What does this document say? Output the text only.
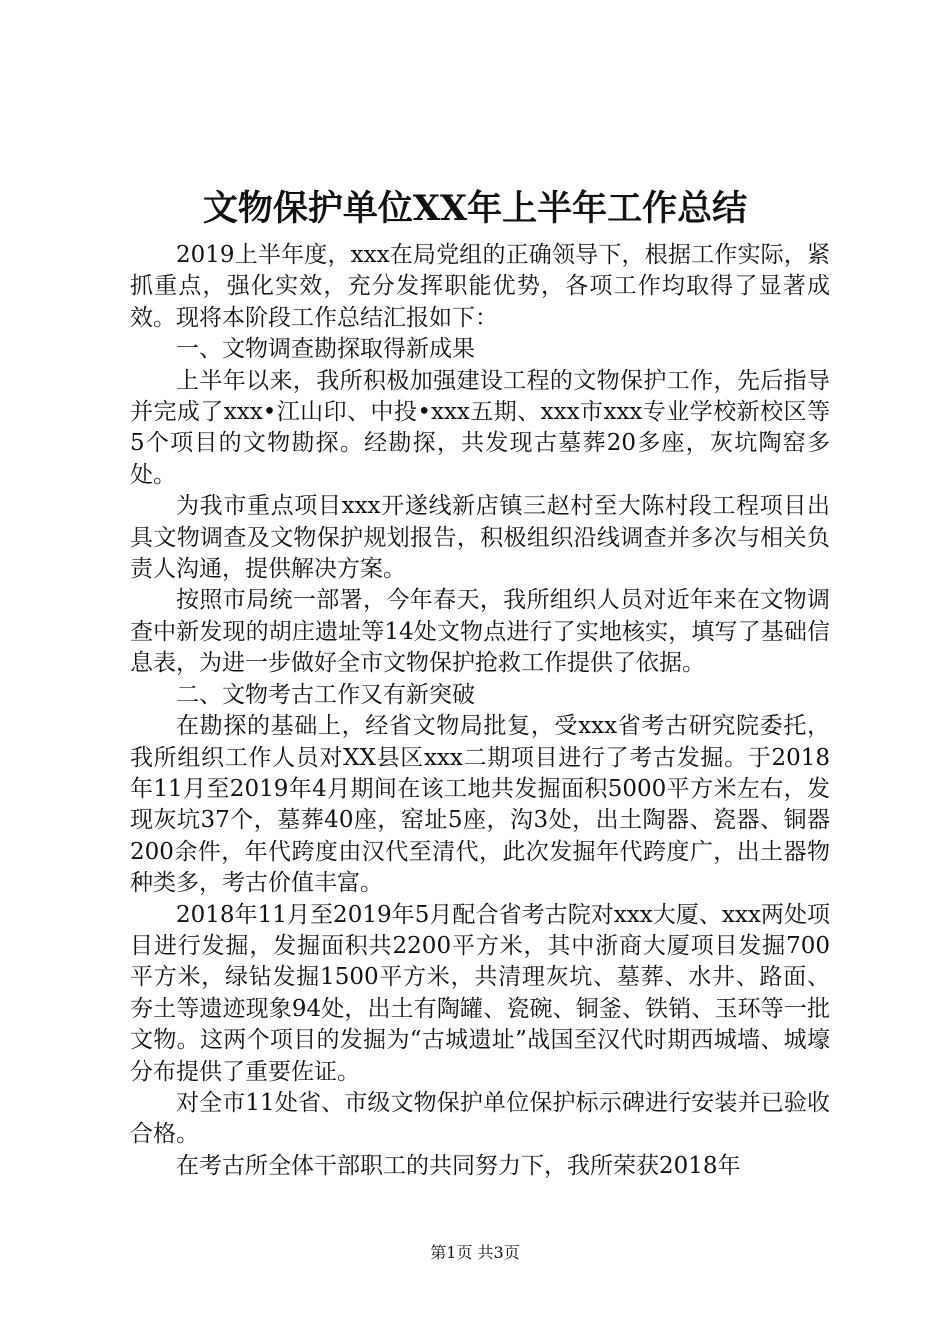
文物保护单位XX年上半年工作总结

2019上半年度，xxx在局党组的正确领导下，根据工作实际，紧抓重点，强化实效，充分发挥职能优势，各项工作均取得了显著成效。现将本阶段工作总结汇报如下：

一、文物调查勘探取得新成果

上半年以来，我所积极加强建设工程的文物保护工作，先后指导并完成了xxx•江山印、中投•xxx五期、xxx市xxx专业学校新校区等5个项目的文物勘探。经勘探，共发现古墓葬20多座，灰坑陶窑多处。

为我市重点项目xxx开遂线新店镇三赵村至大陈村段工程项目出具文物调查及文物保护规划报告，积极组织沿线调查并多次与相关负责人沟通，提供解决方案。

按照市局统一部署，今年春天，我所组织人员对近年来在文物调查中新发现的胡庄遗址等14处文物点进行了实地核实，填写了基础信息表，为进一步做好全市文物保护抢救工作提供了依据。

二、文物考古工作又有新突破

在勘探的基础上，经省文物局批复，受xxx省考古研究院委托，我所组织工作人员对XX县区xxx二期项目进行了考古发掘。于2018年11月至2019年4月期间在该工地共发掘面积5000平方米左右，发现灰坑37个，墓葬40座，窑址5座，沟3处，出土陶器、瓷器、铜器200余件，年代跨度由汉代至清代，此次发掘年代跨度广，出土器物种类多，考古价值丰富。

2018年11月至2019年5月配合省考古院对xxx大厦、xxx两处项目进行发掘，发掘面积共2200平方米，其中浙商大厦项目发掘700平方米，绿钻发掘1500平方米，共清理灰坑、墓葬、水井、路面、夯土等遗迹现象94处，出土有陶罐、瓷碗、铜釜、铁销、玉环等一批文物。这两个项目的发掘为“古城遗址”战国至汉代时期西城墙、城壕分布提供了重要佐证。

对全市11处省、市级文物保护单位保护标示碑进行安装并已验收合格。

在考古所全体干部职工的共同努力下，我所荣获2018年

第1页 共3页
